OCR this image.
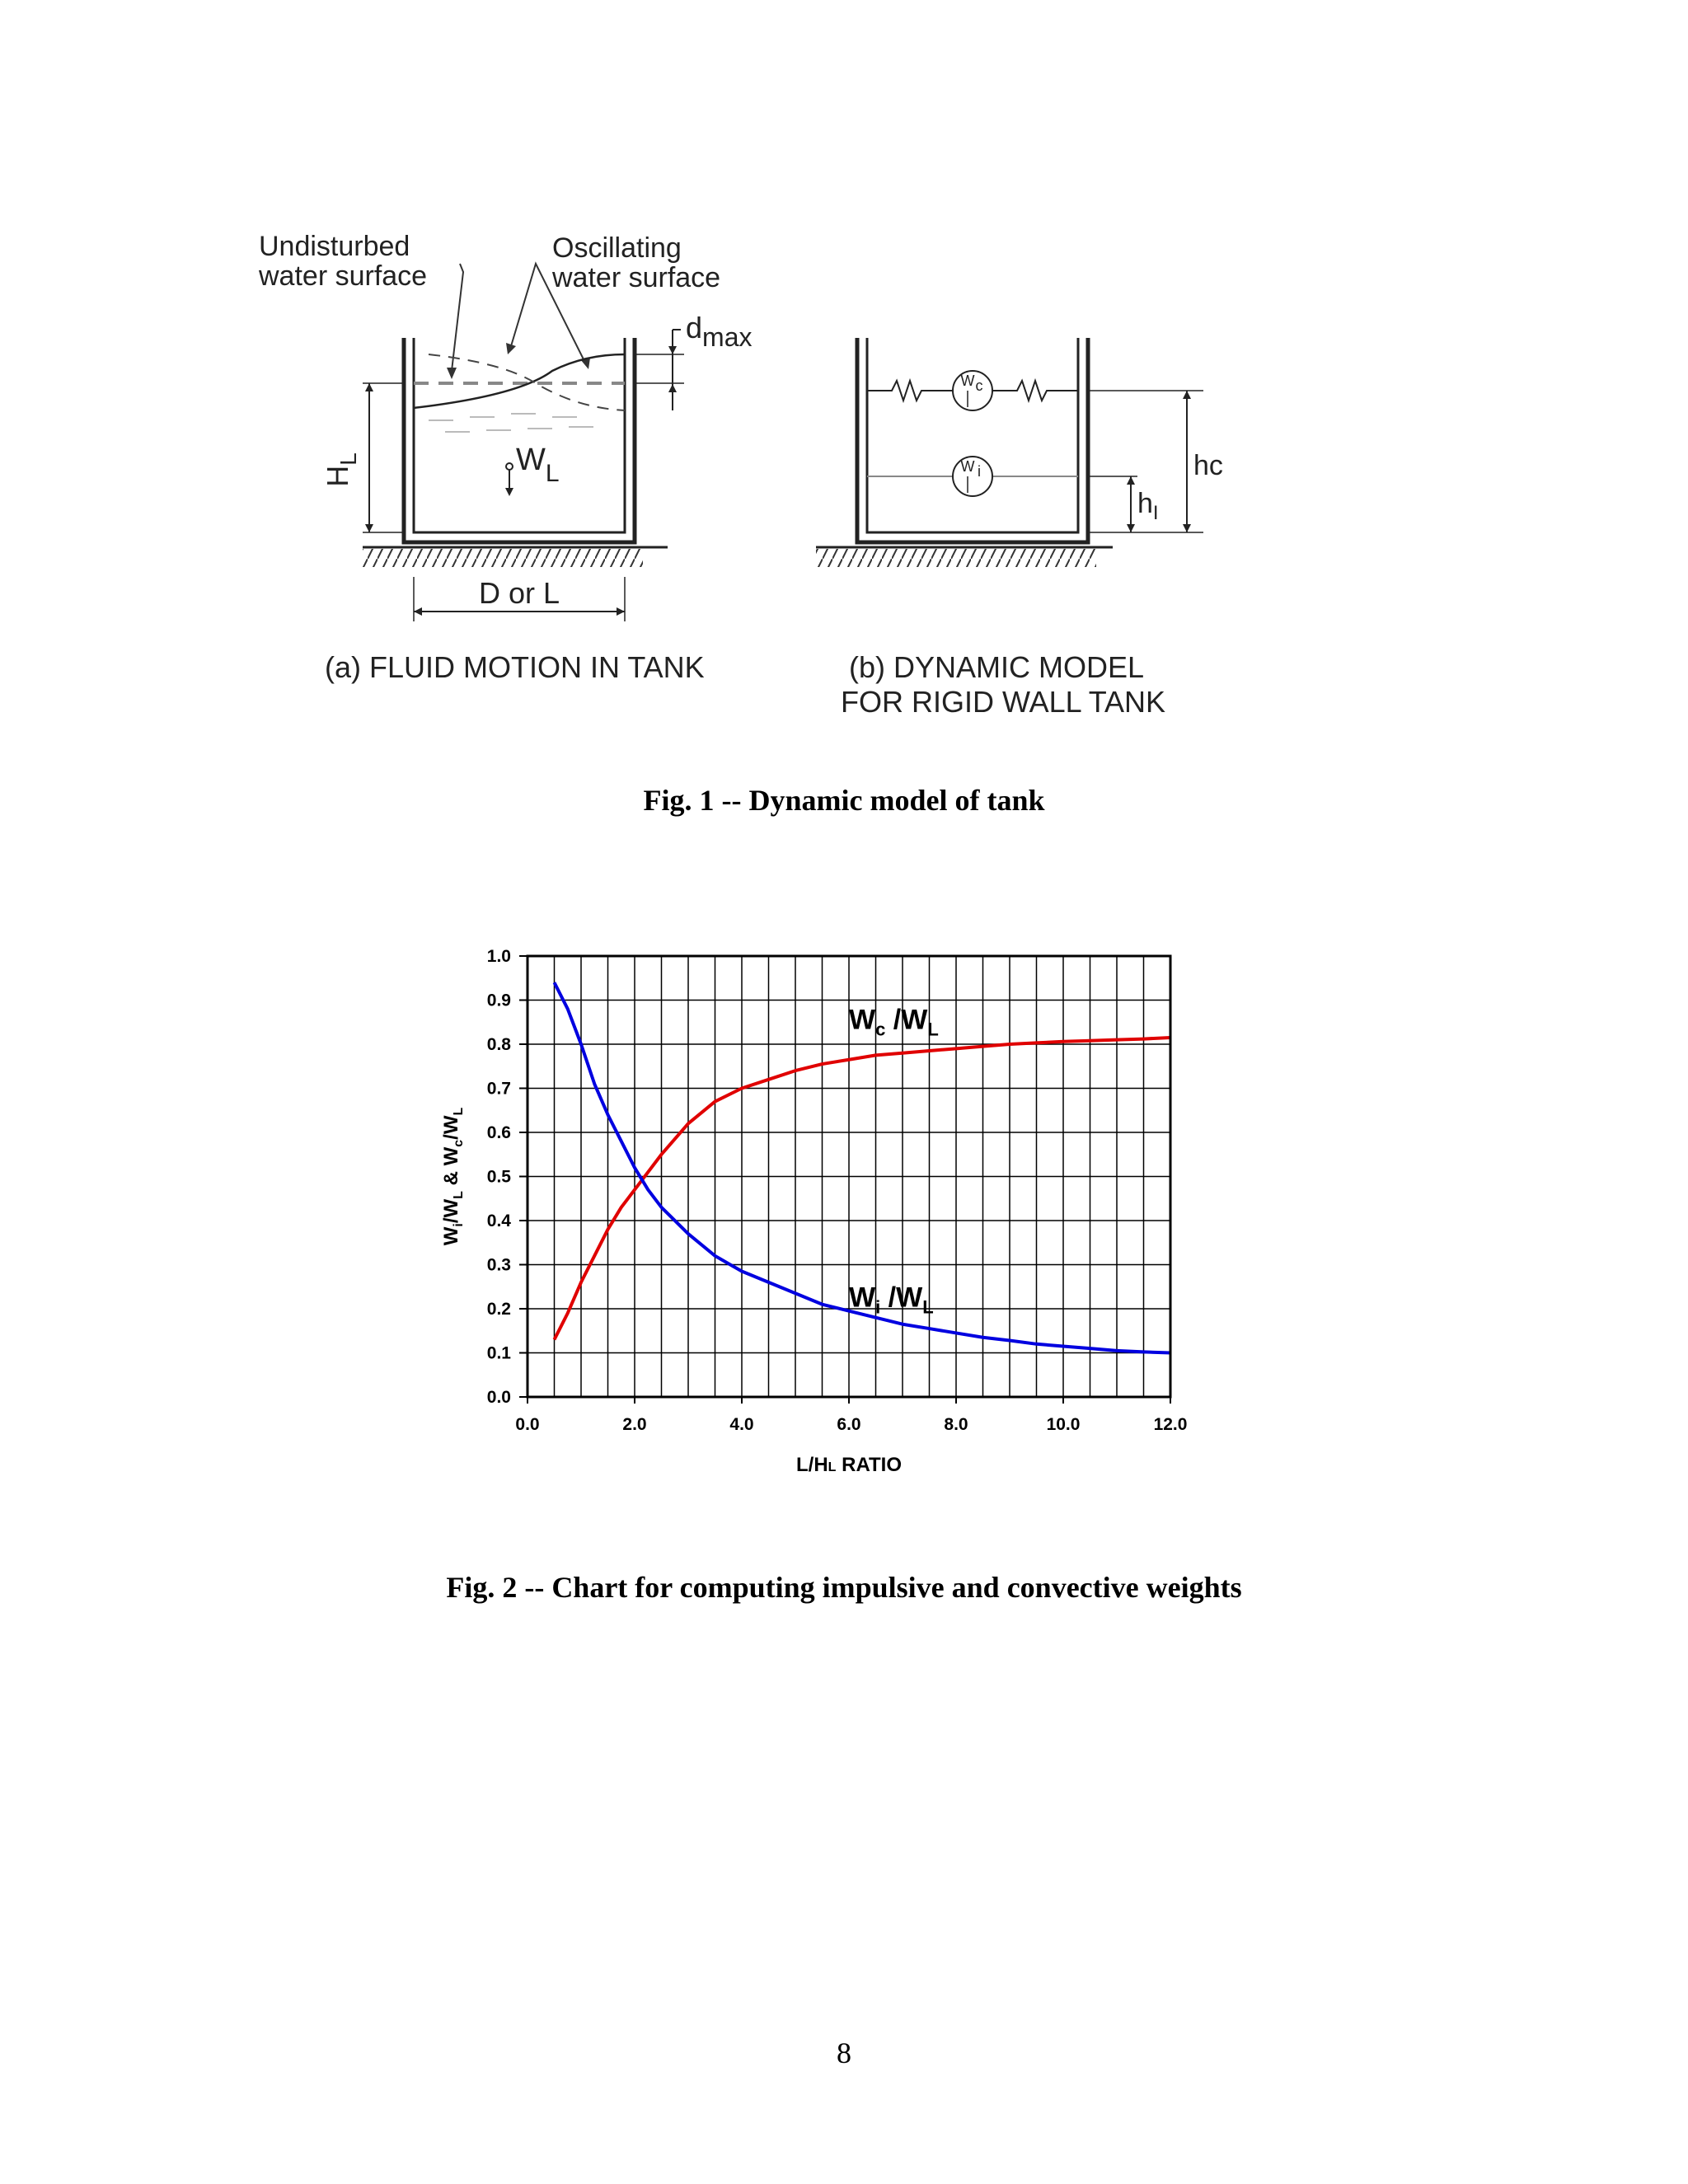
Undisturbed
water surface
Oscillating
water surface
$W_L$
$H_L$
dmax
D or L
(a) FLUID MOTION IN TANK
W c
W i	hc
$h_I$
(b) DYNAMIC MODEL
FOR RIGID WALL TANK
Fig. 1 -- Dynamic model of tank
0.0	2.0	4.0	6.0	8.0	10.0	12.0
0.0
0.1
0.2
0.3
0.4
0.5
0.6
0.7
0.8
0.9
1.0
L/HL RATIO
$W_i/W_L$ & $W_c/W_L$
$W_c$ $/W_L$
$W_i$ $/W_L$
Fig. 2 -- Chart for computing impulsive and convective weights
8
